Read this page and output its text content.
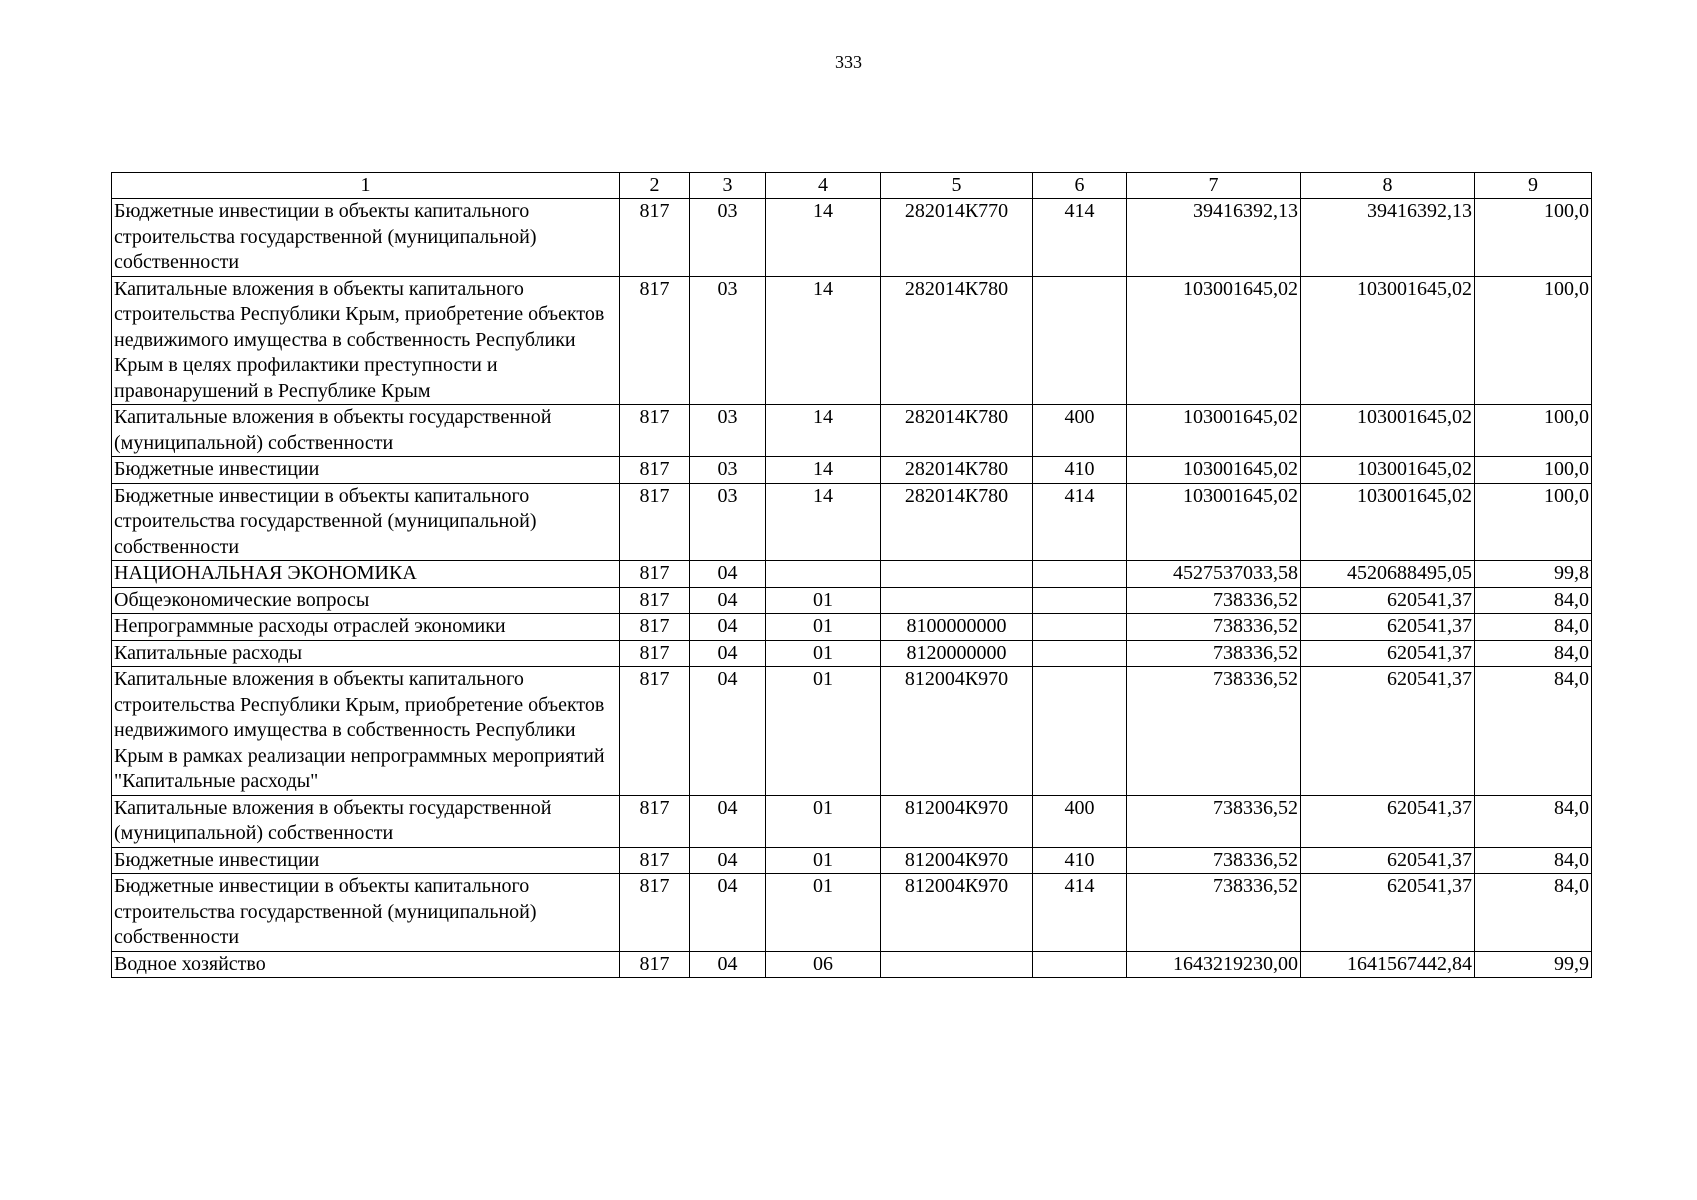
333
1	2	3	4	5	6	7	8	9
Бюджетные инвестиции в объекты капитального строительства государственной (муниципальной) собственности	817	03	14	282014К770	414	39416392,13	39416392,13	100,0
Капитальные вложения в объекты капитального строительства Республики Крым, приобретение объектов недвижимого имущества в собственность Республики Крым в целях профилактики преступности и правонарушений в Республике Крым	817	03	14	282014К780		103001645,02	103001645,02	100,0
Капитальные вложения в объекты государственной (муниципальной) собственности	817	03	14	282014К780	400	103001645,02	103001645,02	100,0
Бюджетные инвестиции	817	03	14	282014К780	410	103001645,02	103001645,02	100,0
Бюджетные инвестиции в объекты капитального строительства государственной (муниципальной) собственности	817	03	14	282014К780	414	103001645,02	103001645,02	100,0
НАЦИОНАЛЬНАЯ ЭКОНОМИКА	817	04				4527537033,58	4520688495,05	99,8
Общеэкономические вопросы	817	04	01			738336,52	620541,37	84,0
Непрограммные расходы отраслей экономики	817	04	01	8100000000		738336,52	620541,37	84,0
Капитальные расходы	817	04	01	8120000000		738336,52	620541,37	84,0
Капитальные вложения в объекты капитального строительства Республики Крым, приобретение объектов недвижимого имущества в собственность Республики Крым в рамках реализации непрограммных мероприятий "Капитальные расходы"	817	04	01	812004К970		738336,52	620541,37	84,0
Капитальные вложения в объекты государственной (муниципальной) собственности	817	04	01	812004К970	400	738336,52	620541,37	84,0
Бюджетные инвестиции	817	04	01	812004К970	410	738336,52	620541,37	84,0
Бюджетные инвестиции в объекты капитального строительства государственной (муниципальной) собственности	817	04	01	812004К970	414	738336,52	620541,37	84,0
Водное хозяйство	817	04	06			1643219230,00	1641567442,84	99,9
